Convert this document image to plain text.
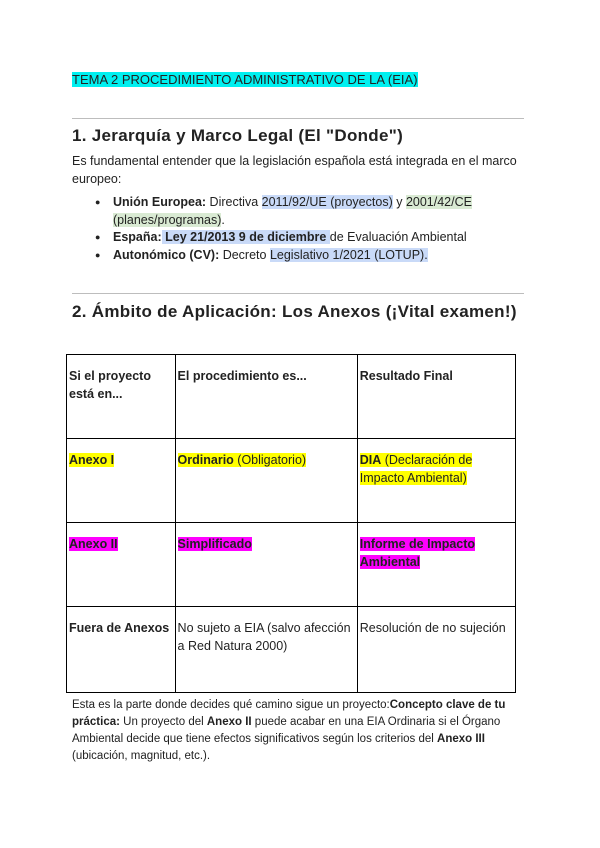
TEMA 2 PROCEDIMIENTO ADMINISTRATIVO DE LA (EIA)
1. Jerarquía y Marco Legal (El "Donde")
Es fundamental entender que la legislación española está integrada en el marco europeo:
● Unión Europea: Directiva 2011/92/UE (proyectos) y 2001/42/CE (planes/programas).
● España: Ley 21/2013 9 de diciembre de Evaluación Ambiental
● Autonómico (CV): Decreto Legislativo 1/2021 (LOTUP).
2. Ámbito de Aplicación: Los Anexos (¡Vital examen!)
Si el proyecto está en...	El procedimiento es...	Resultado Final
Anexo I	Ordinario (Obligatorio)	DIA (Declaración de Impacto Ambiental)
Anexo II	Simplificado	Informe de Impacto Ambiental
Fuera de Anexos	No sujeto a EIA (salvo afección a Red Natura 2000)	Resolución de no sujeción
Esta es la parte donde decides qué camino sigue un proyecto:Concepto clave de tu práctica: Un proyecto del Anexo II puede acabar en una EIA Ordinaria si el Órgano Ambiental decide que tiene efectos significativos según los criterios del Anexo III (ubicación, magnitud, etc.).
